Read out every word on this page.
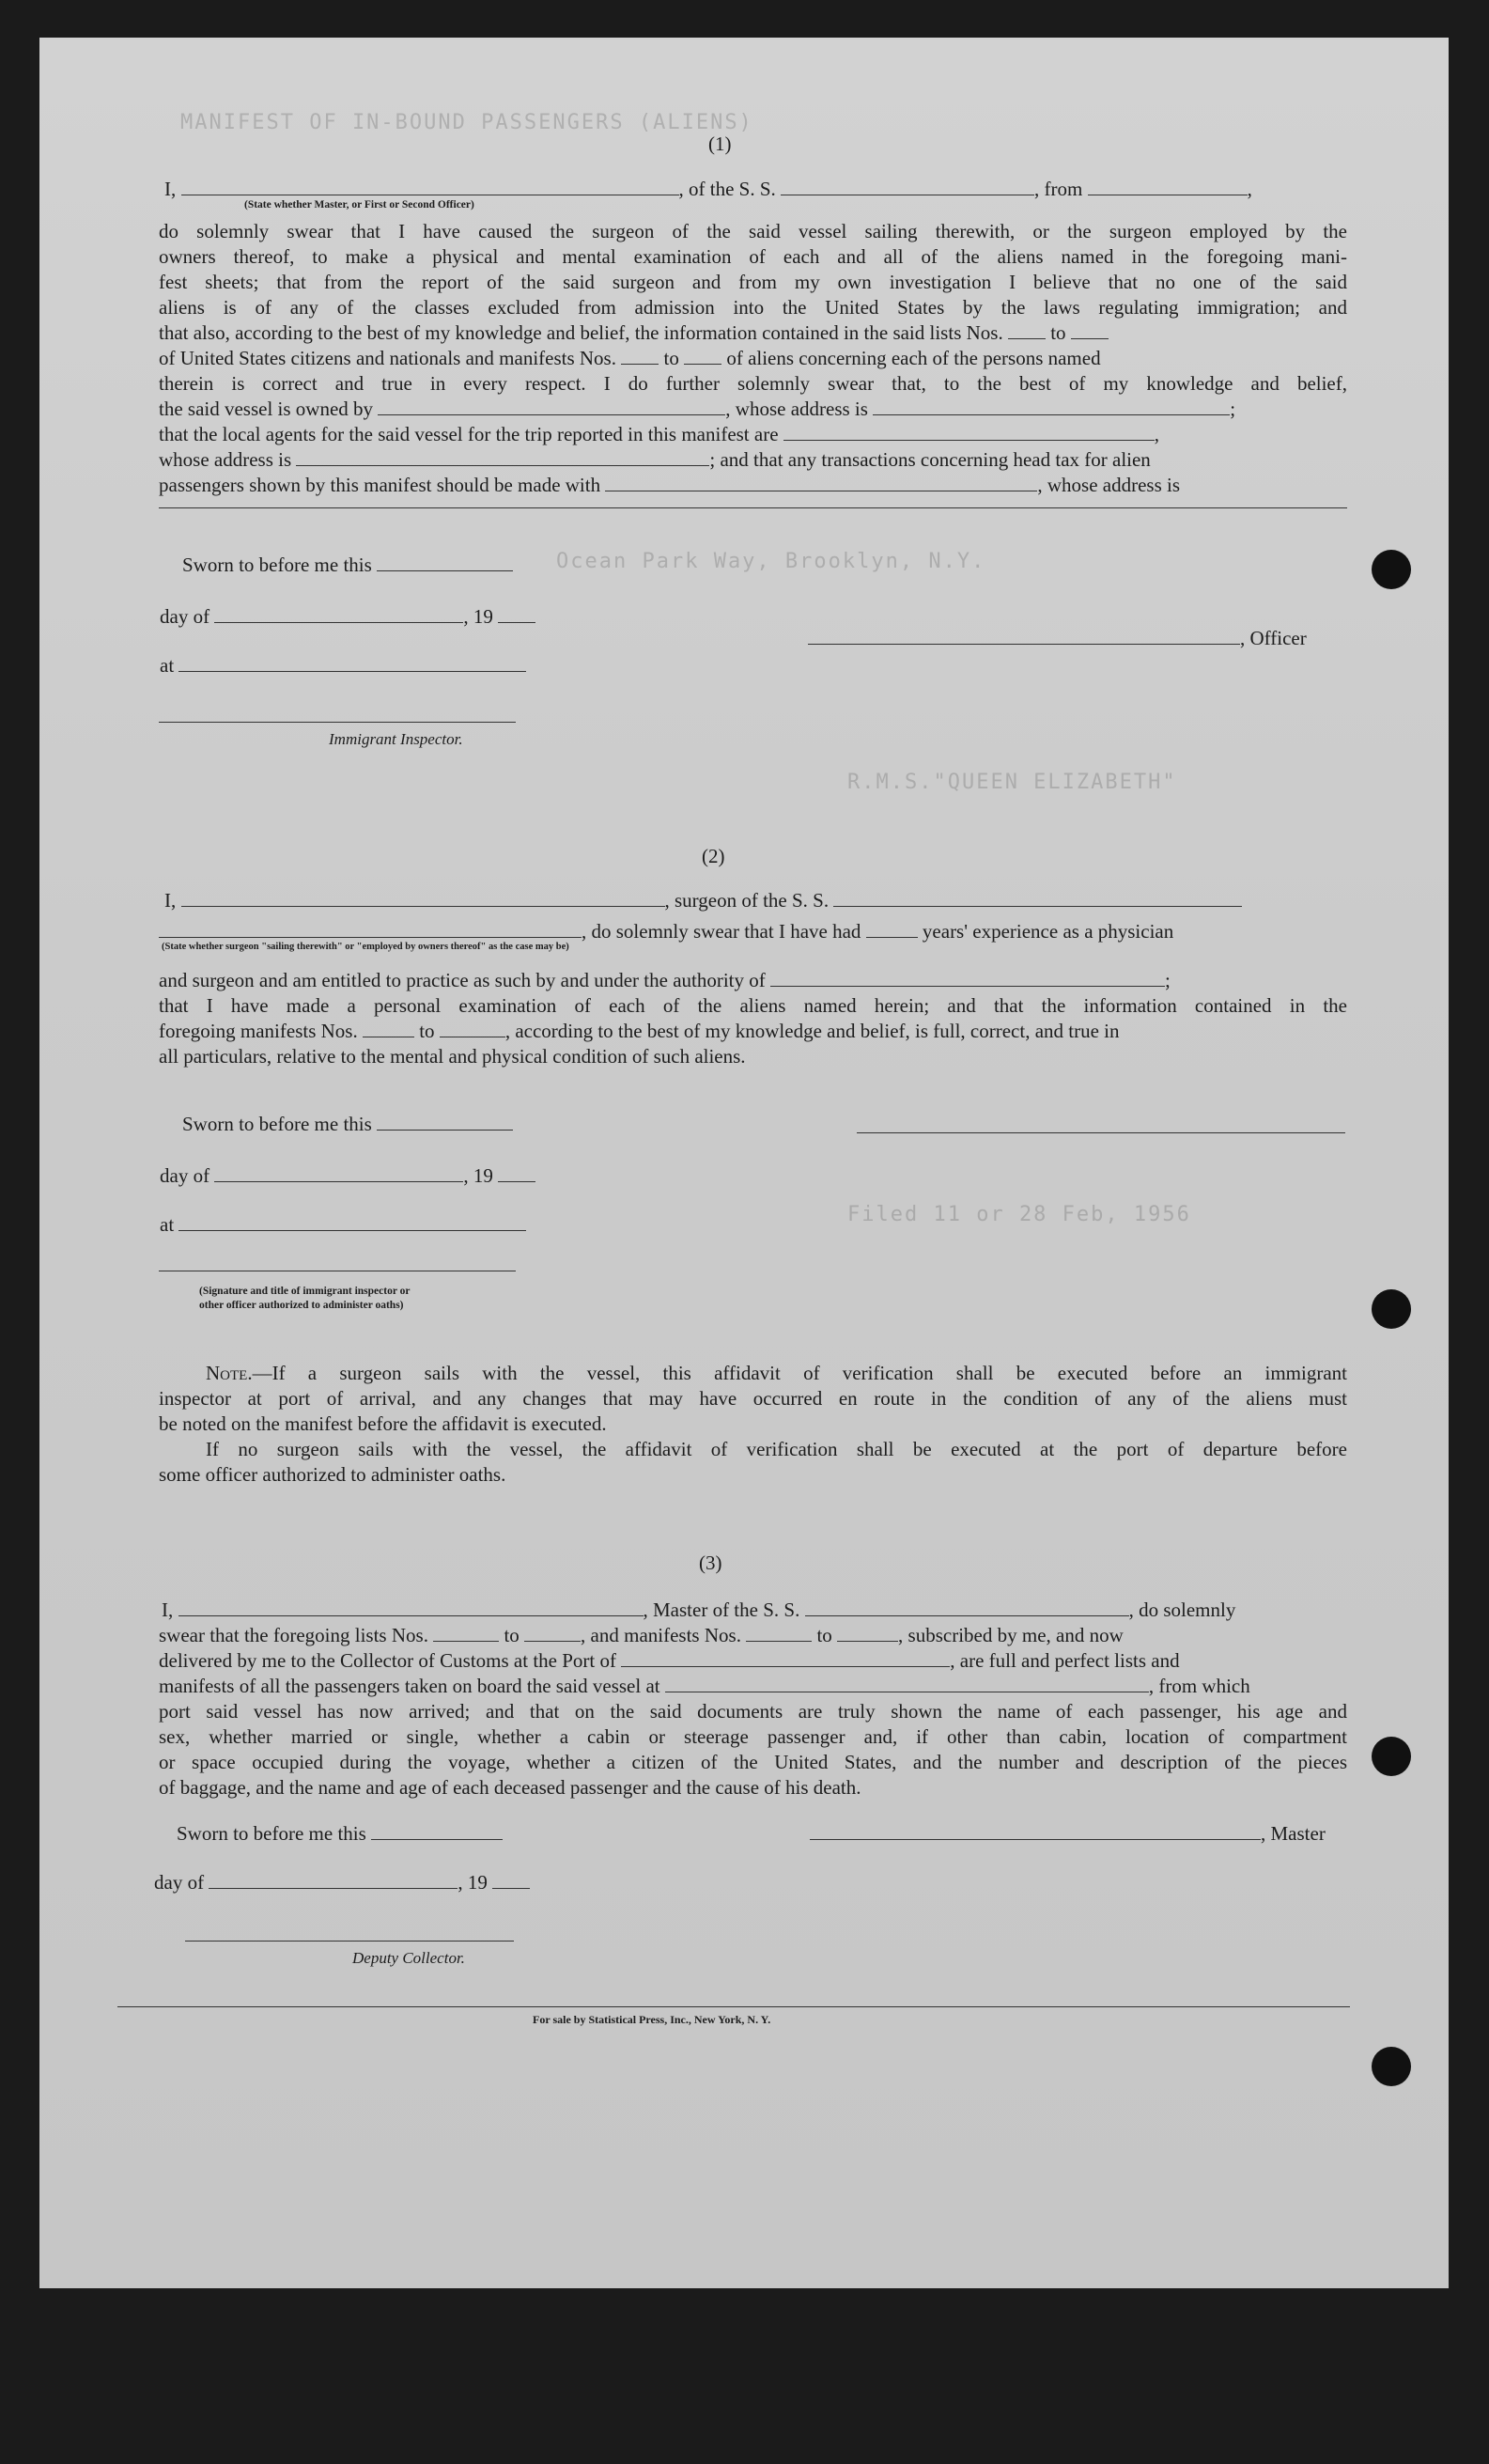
MANIFEST OF IN-BOUND PASSENGERS (ALIENS)
Ocean Park Way, Brooklyn, N.Y.
R.M.S."QUEEN ELIZABETH"
Filed 11 or 28 Feb, 1956
(1)
I,	, of the S. S.	, from	,
(State whether Master, or First or Second Officer)
do solemnly swear that I have caused the surgeon of the said vessel sailing therewith, or the surgeon employed by the
owners thereof, to make a physical and mental examination of each and all of the aliens named in the foregoing mani-
fest sheets; that from the report of the said surgeon and from my own investigation I believe that no one of the said
aliens is of any of the classes excluded from admission into the United States by the laws regulating immigration; and
that also, according to the best of my knowledge and belief, the information contained in the said lists Nos. to
of United States citizens and nationals and manifests Nos. to of aliens concerning each of the persons named
therein is correct and true in every respect. I do further solemnly swear that, to the best of my knowledge and belief,
the said vessel is owned by	, whose address is	;
that the local agents for the said vessel for the trip reported in this manifest are	,
whose address is	; and that any transactions concerning head tax for alien
passengers shown by this manifest should be made with	, whose address is
Sworn to before me this
day of	, 19
at
Immigrant Inspector.
, Officer
(2)
I,	, surgeon of the S. S.
, do solemnly swear that I have had	years' experience as a physician
(State whether surgeon "sailing therewith" or "employed by owners thereof" as the case may be)
and surgeon and am entitled to practice as such by and under the authority of	;
that I have made a personal examination of each of the aliens named herein; and that the information contained in the
foregoing manifests Nos.	to	, according to the best of my knowledge and belief, is full, correct, and true in
all particulars, relative to the mental and physical condition of such aliens.
Sworn to before me this
day of	, 19
at
(Signature and title of immigrant inspector or
other officer authorized to administer oaths)
Note.—If a surgeon sails with the vessel, this affidavit of verification shall be executed before an immigrant
inspector at port of arrival, and any changes that may have occurred en route in the condition of any of the aliens must
be noted on the manifest before the affidavit is executed.
If no surgeon sails with the vessel, the affidavit of verification shall be executed at the port of departure before
some officer authorized to administer oaths.
(3)
I,	, Master of the S. S.	, do solemnly
swear that the foregoing lists Nos.	to	, and manifests Nos.	to	, subscribed by me, and now
delivered by me to the Collector of Customs at the Port of	, are full and perfect lists and
manifests of all the passengers taken on board the said vessel at	, from which
port said vessel has now arrived; and that on the said documents are truly shown the name of each passenger, his age and
sex, whether married or single, whether a cabin or steerage passenger and, if other than cabin, location of compartment
or space occupied during the voyage, whether a citizen of the United States, and the number and description of the pieces
of baggage, and the name and age of each deceased passenger and the cause of his death.
Sworn to before me this	, Master
day of	, 19
Deputy Collector.
For sale by Statistical Press, Inc., New York, N. Y.
